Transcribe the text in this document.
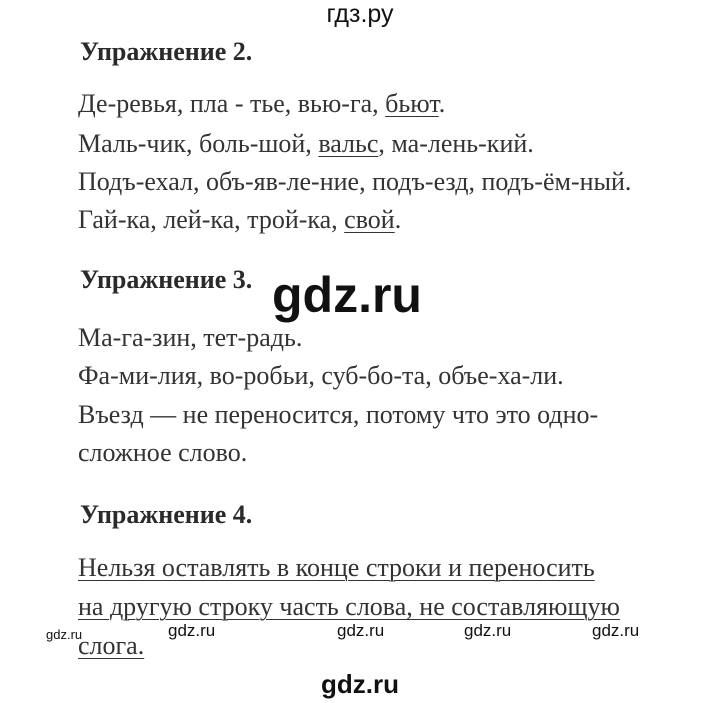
гдз.ру
Упражнение 2.
Де-ревья, пла - тье, вью-га, бьют.
Маль-чик, боль-шой, вальс, ма-лень-кий.
Подъ-ехал, объ-яв-ле-ние, подъ-езд, подъ-ём-ный.
Гай-ка, лей-ка, трой-ка, свой.
Упражнение 3. gdz.ru
Ма-га-зин, тет-радь.
Фа-ми-лия, во-робьи, суб-бо-та, объе-ха-ли.
Въезд — не переносится, потому что это одно-
сложное слово.
Упражнение 4.
Нельзя оставлять в конце строки и переносить
на другую строку часть слова, не составляющую
слога.
gdz.ru	gdz.ru	gdz.ru	gdz.ru	gdz.ru
gdz.ru
